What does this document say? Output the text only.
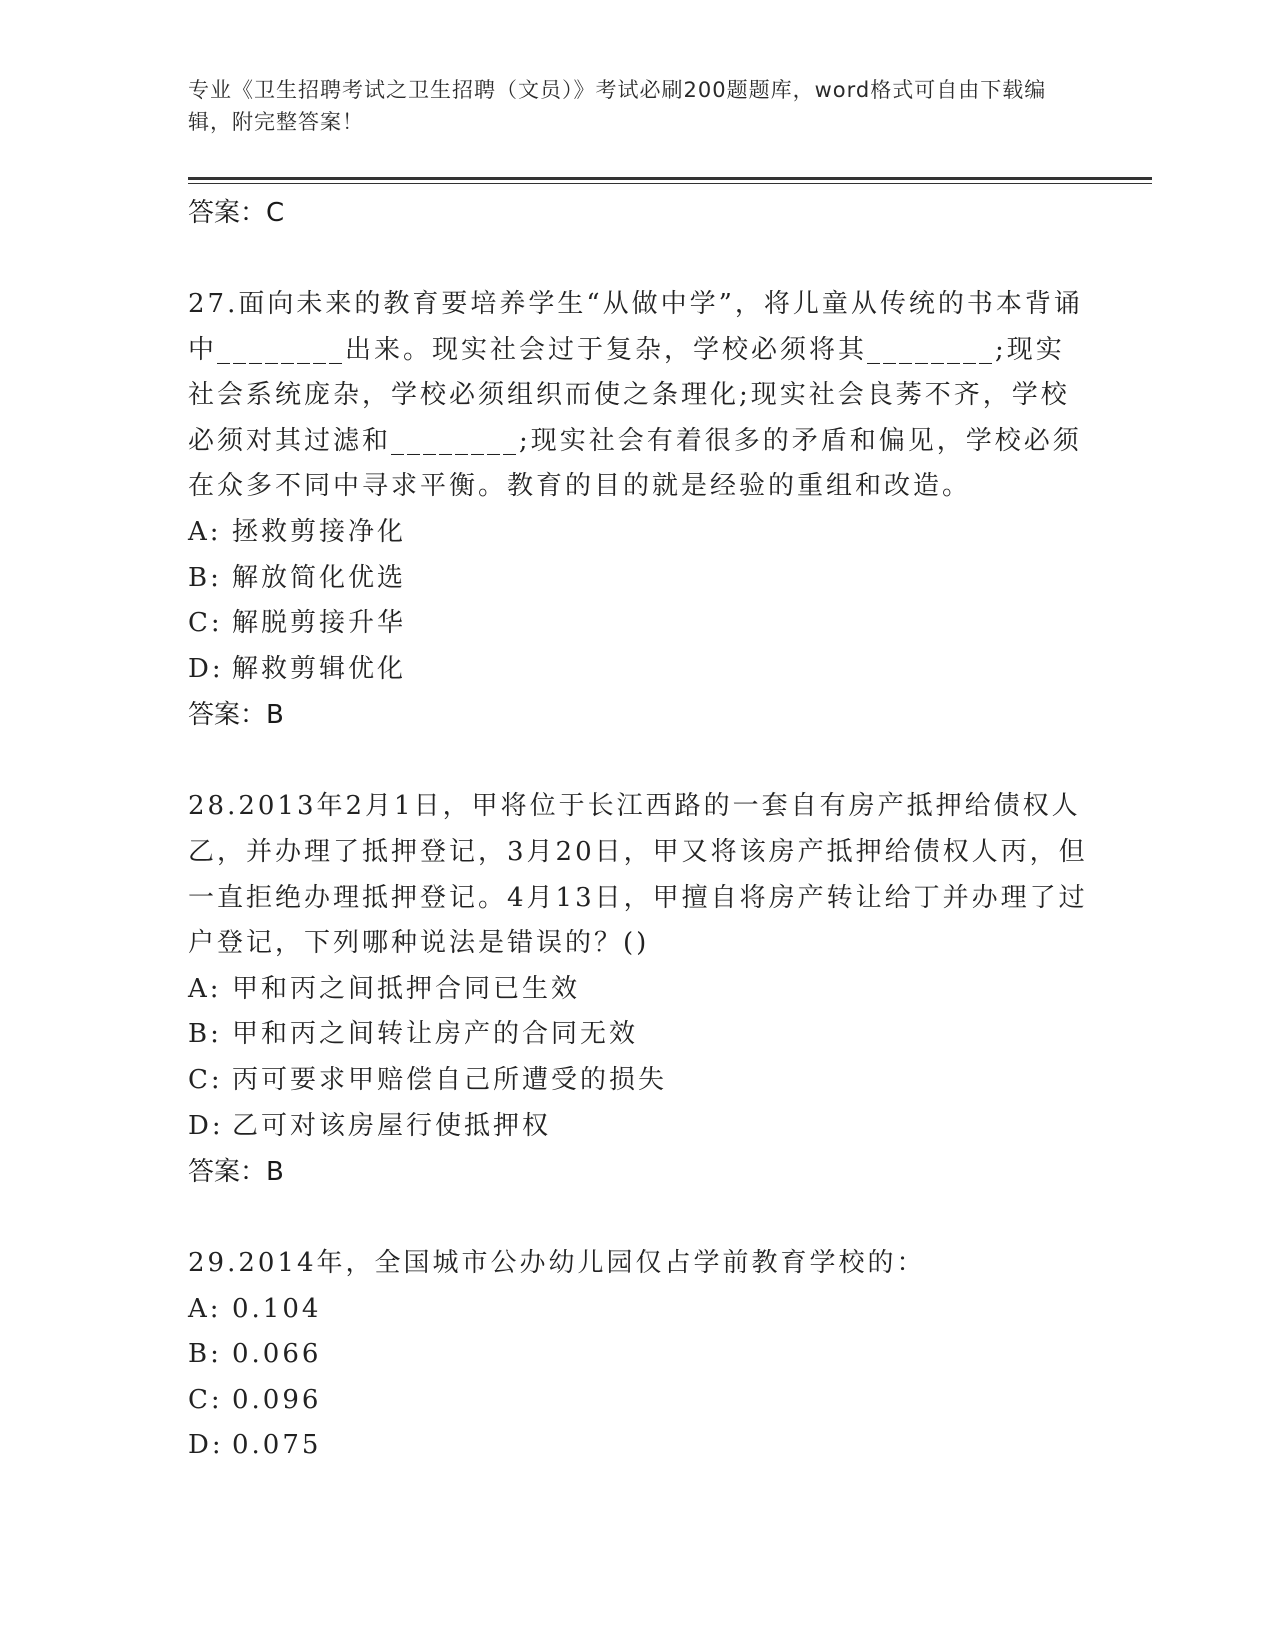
专业《卫生招聘考试之卫生招聘（文员）》考试必刷200题题库，word格式可自由下载编辑，附完整答案！
答案：C

27.面向未来的教育要培养学生“从做中学”，将儿童从传统的书本背诵中________出来。现实社会过于复杂，学校必须将其________;现实社会系统庞杂，学校必须组织而使之条理化;现实社会良莠不齐，学校必须对其过滤和________;现实社会有着很多的矛盾和偏见，学校必须在众多不同中寻求平衡。教育的目的就是经验的重组和改造。

A: 拯救剪接净化
B: 解放简化优选
C: 解脱剪接升华
D: 解救剪辑优化
答案：B

28.2013年2月1日，甲将位于长江西路的一套自有房产抵押给债权人乙，并办理了抵押登记，3月20日，甲又将该房产抵押给债权人丙，但一直拒绝办理抵押登记。4月13日，甲擅自将房产转让给丁并办理了过户登记，下列哪种说法是错误的？()

A: 甲和丙之间抵押合同已生效
B: 甲和丙之间转让房产的合同无效
C: 丙可要求甲赔偿自己所遭受的损失
D: 乙可对该房屋行使抵押权
答案：B

29.2014年，全国城市公办幼儿园仅占学前教育学校的：

A: 0.104
B: 0.066
C: 0.096
D: 0.075
